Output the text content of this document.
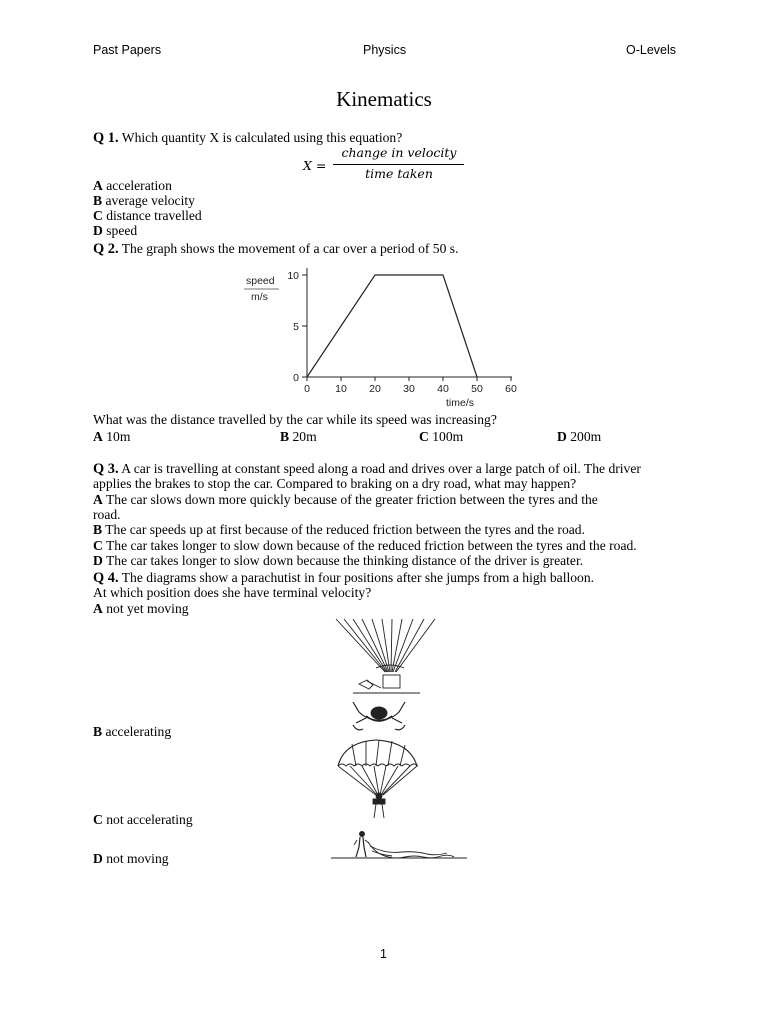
Past Papers	Physics	O-Levels
Kinematics
Q 1. Which quantity X is calculated using this equation?
X =
change in velocity
time taken
A acceleration
B average velocity
C distance travelled
D speed
Q 2. The graph shows the movement of a car over a period of 50 s.
speed
m/s
0 10 20 30 40 50 60
0
5
10
time/s
What was the distance travelled by the car while its speed was increasing?
A 10m	B 20m	C 100m	D 200m
Q 3. A car is travelling at constant speed along a road and drives over a large patch of oil. The driver
applies the brakes to stop the car. Compared to braking on a dry road, what may happen?
A The car slows down more quickly because of the greater friction between the tyres and the
road.
B The car speeds up at first because of the reduced friction between the tyres and the road.
C The car takes longer to slow down because of the reduced friction between the tyres and the road.
D The car takes longer to slow down because the thinking distance of the driver is greater.
Q 4. The diagrams show a parachutist in four positions after she jumps from a high balloon.
At which position does she have terminal velocity?
A not yet moving
B accelerating
C not accelerating
D not moving
1
